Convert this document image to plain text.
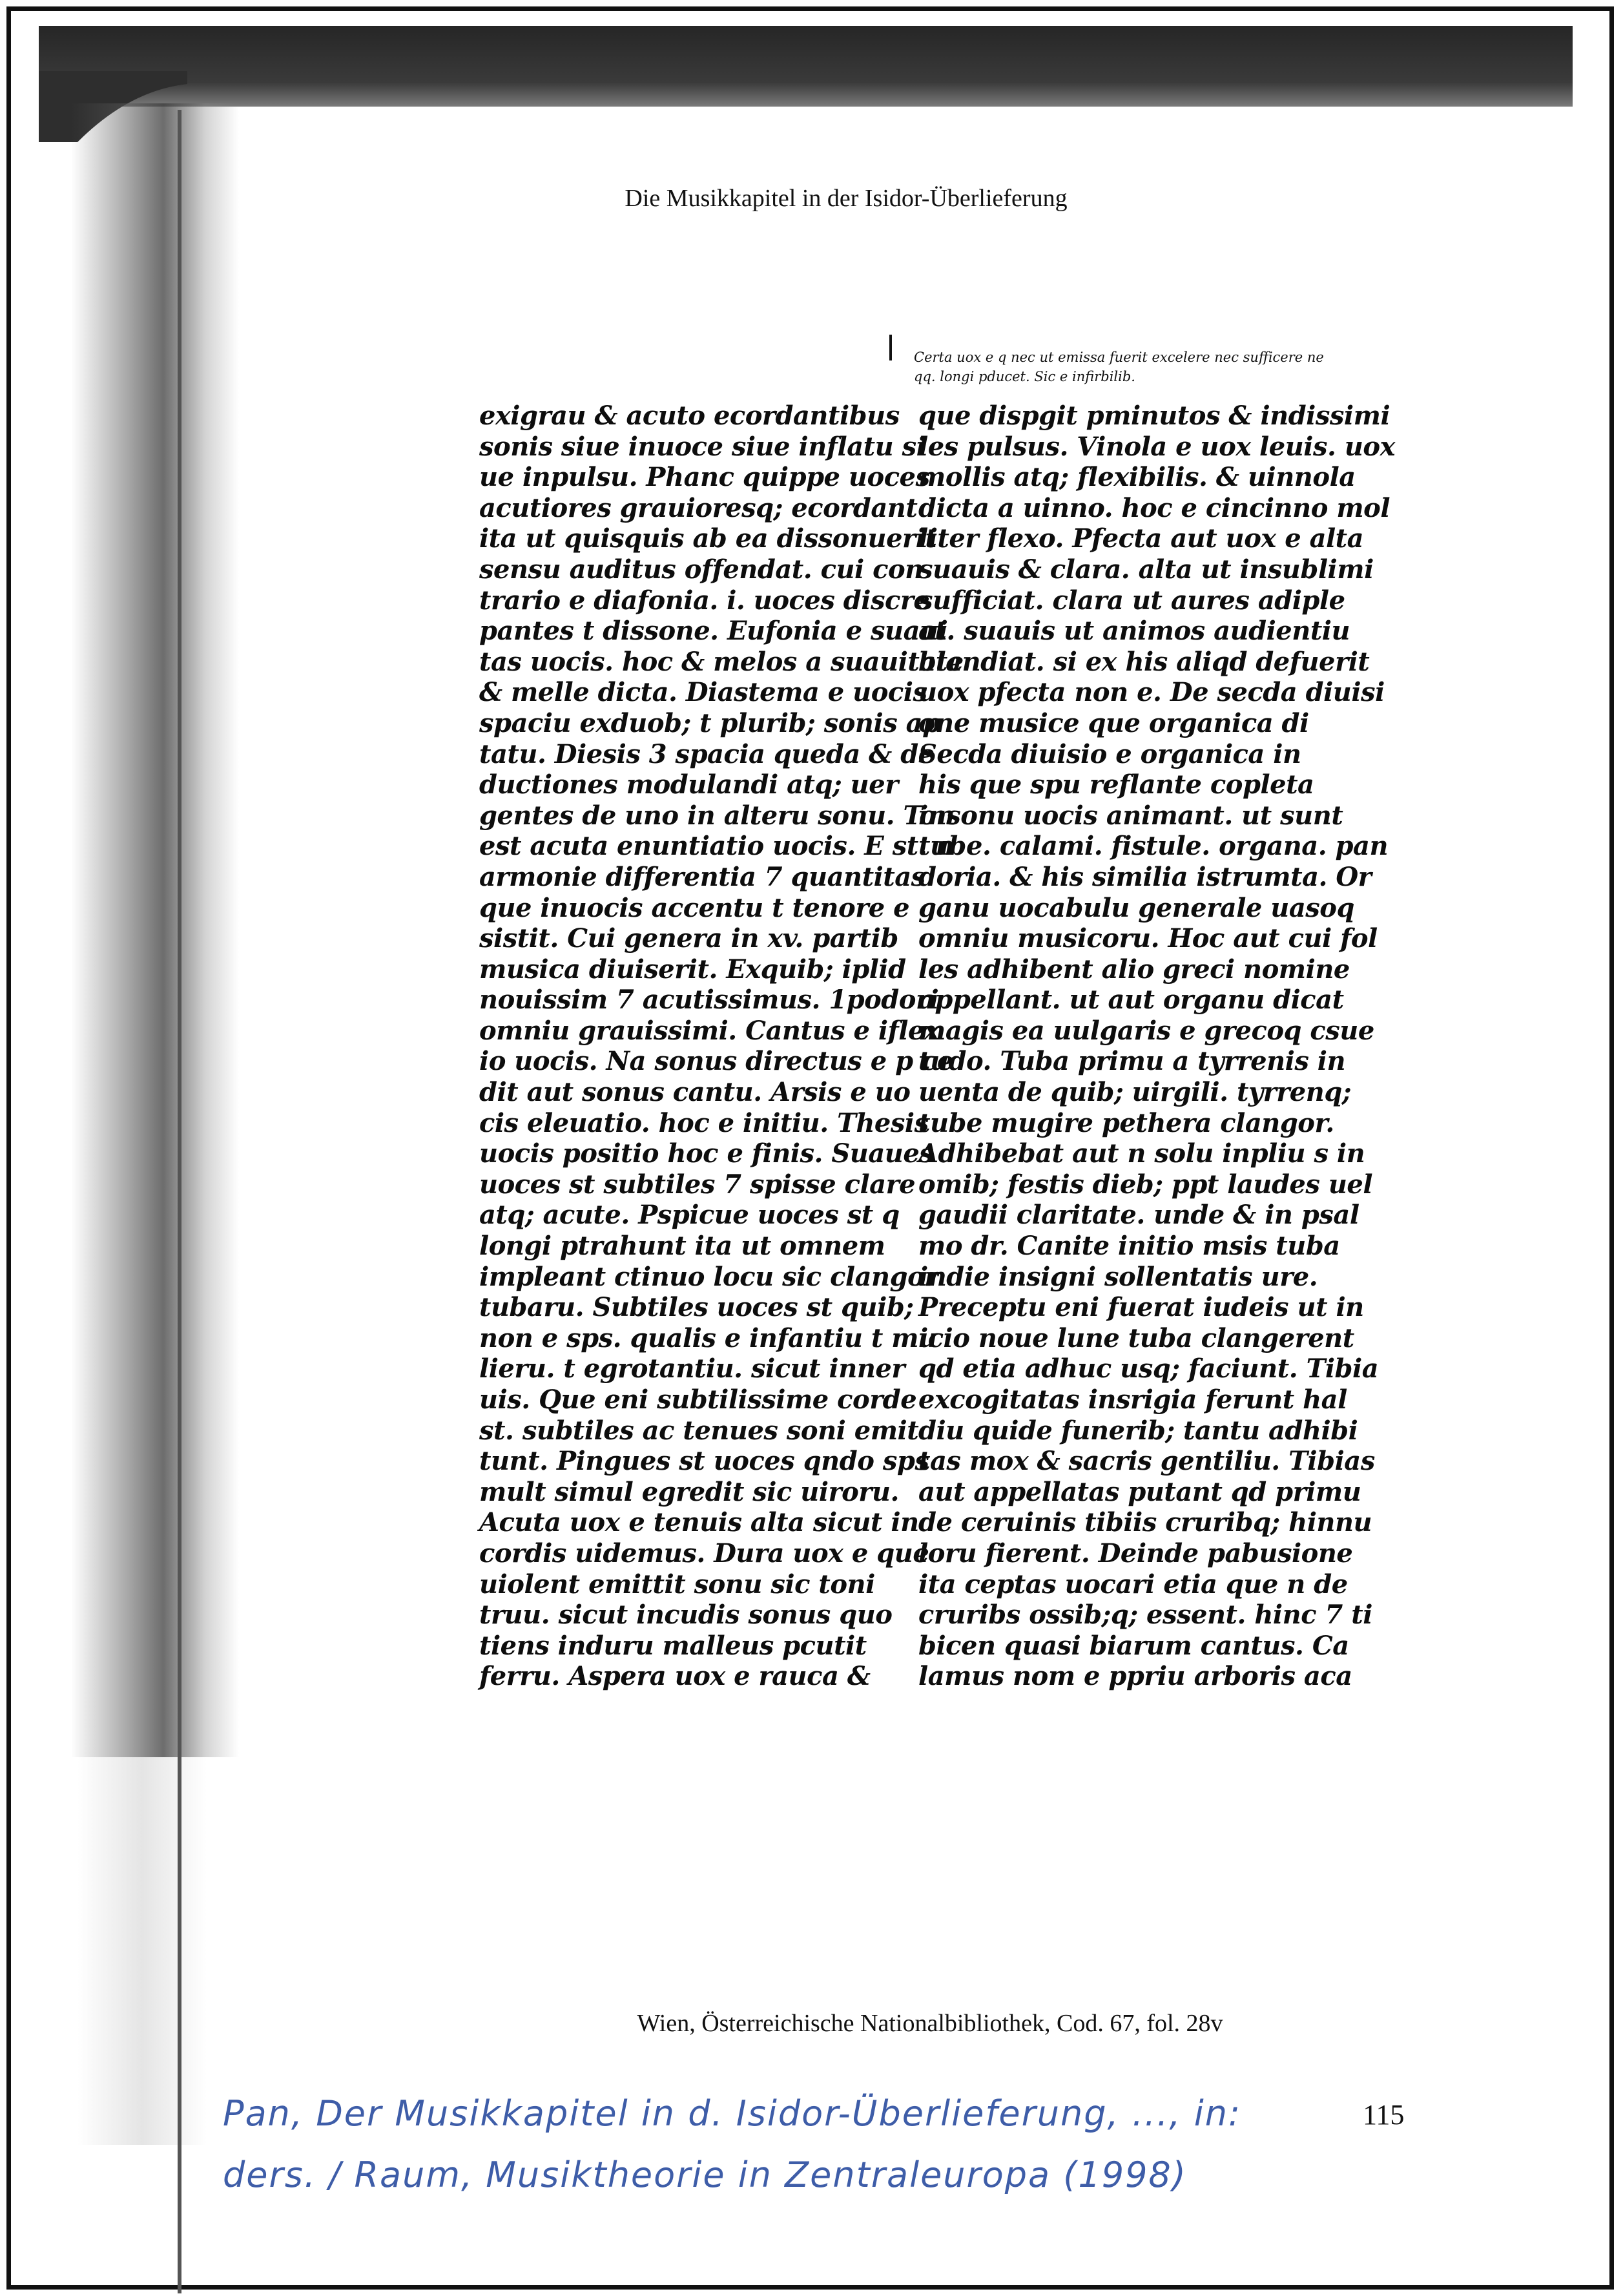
Die Musikkapitel in der Isidor-Überlieferung
Certa uox e q nec ut emissa fuerit excelere nec sufficere ne
qq. longi pducet. Sic e infirbilib.
exigrau & acuto ecordantibus
sonis siue inuoce siue inflatu si
ue inpulsu. Phanc quippe uoces
acutiores grauioresq; ecordant
ita ut quisquis ab ea dissonuerit
sensu auditus offendat. cui con
trario e diafonia. i. uoces discre
pantes t dissone. Eufonia e suaui
tas uocis. hoc & melos a suauitate
& melle dicta. Diastema e uocis
spaciu exduob; t plurib; sonis ap
tatu. Diesis 3 spacia queda & de
ductiones modulandi atq; uer
gentes de uno in alteru sonu. Ton
est acuta enuntiatio uocis. E st. n
armonie differentia 7 quantitas
que inuocis accentu t tenore e
sistit. Cui genera in xv. partib
musica diuiserit. Exquib; iplid
nouissim 7 acutissimus. 1podori
omniu grauissimi. Cantus e iflex
io uocis. Na sonus directus e p ce
dit aut sonus cantu. Arsis e uo
cis eleuatio. hoc e initiu. Thesis
uocis positio hoc e finis. Suaues
uoces st subtiles 7 spisse clare
atq; acute. Pspicue uoces st q
longi ptrahunt ita ut omnem
impleant ctinuo locu sic clangor
tubaru. Subtiles uoces st quib;
non e sps. qualis e infantiu t mu
lieru. t egrotantiu. sicut inner
uis. Que eni subtilissime corde
st. subtiles ac tenues soni emit
tunt. Pingues st uoces qndo sps
mult simul egredit sic uiroru.
Acuta uox e tenuis alta sicut in
cordis uidemus. Dura uox e que
uiolent emittit sonu sic toni
truu. sicut incudis sonus quo
tiens induru malleus pcutit
ferru. Aspera uox e rauca &
que dispgit pminutos & indissimi
les pulsus. Vinola e uox leuis. uox
mollis atq; flexibilis. & uinnola
dicta a uinno. hoc e cincinno mol
liter flexo. Pfecta aut uox e alta
suauis & clara. alta ut insublimi
sufficiat. clara ut aures adiple
at. suauis ut animos audientiu
blandiat. si ex his aliqd defuerit
uox pfecta non e. De secda diuisi
one musice que organica di
Secda diuisio e organica in
his que spu reflante copleta
insonu uocis animant. ut sunt
tube. calami. fistule. organa. pan
doria. & his similia istrumta. Or
ganu uocabulu generale uasoq
omniu musicoru. Hoc aut cui fol
les adhibent alio greci nomine
appellant. ut aut organu dicat
magis ea uulgaris e grecoq csue
tudo. Tuba primu a tyrrenis in
uenta de quib; uirgili. tyrrenq;
tube mugire pethera clangor.
Adhibebat aut n solu inpliu s in
omib; festis dieb; ppt laudes uel
gaudii claritate. unde & in psal
mo dr. Canite initio msis tuba
indie insigni sollentatis ure.
Preceptu eni fuerat iudeis ut in
icio noue lune tuba clangerent
qd etia adhuc usq; faciunt. Tibia
excogitatas insrigia ferunt hal
diu quide funerib; tantu adhibi
tas mox & sacris gentiliu. Tibias
aut appellatas putant qd primu
de ceruinis tibiis cruribq; hinnu
loru fierent. Deinde pabusione
ita ceptas uocari etia que n de
cruribs ossib;q; essent. hinc 7 ti
bicen quasi biarum cantus. Ca
lamus nom e ppriu arboris aca
Wien, Österreichische Nationalbibliothek, Cod. 67, fol. 28v
Pan, Der Musikkapitel in d. Isidor-Überlieferung, ..., in:
ders. / Raum, Musiktheorie in Zentraleuropa (1998)
115
